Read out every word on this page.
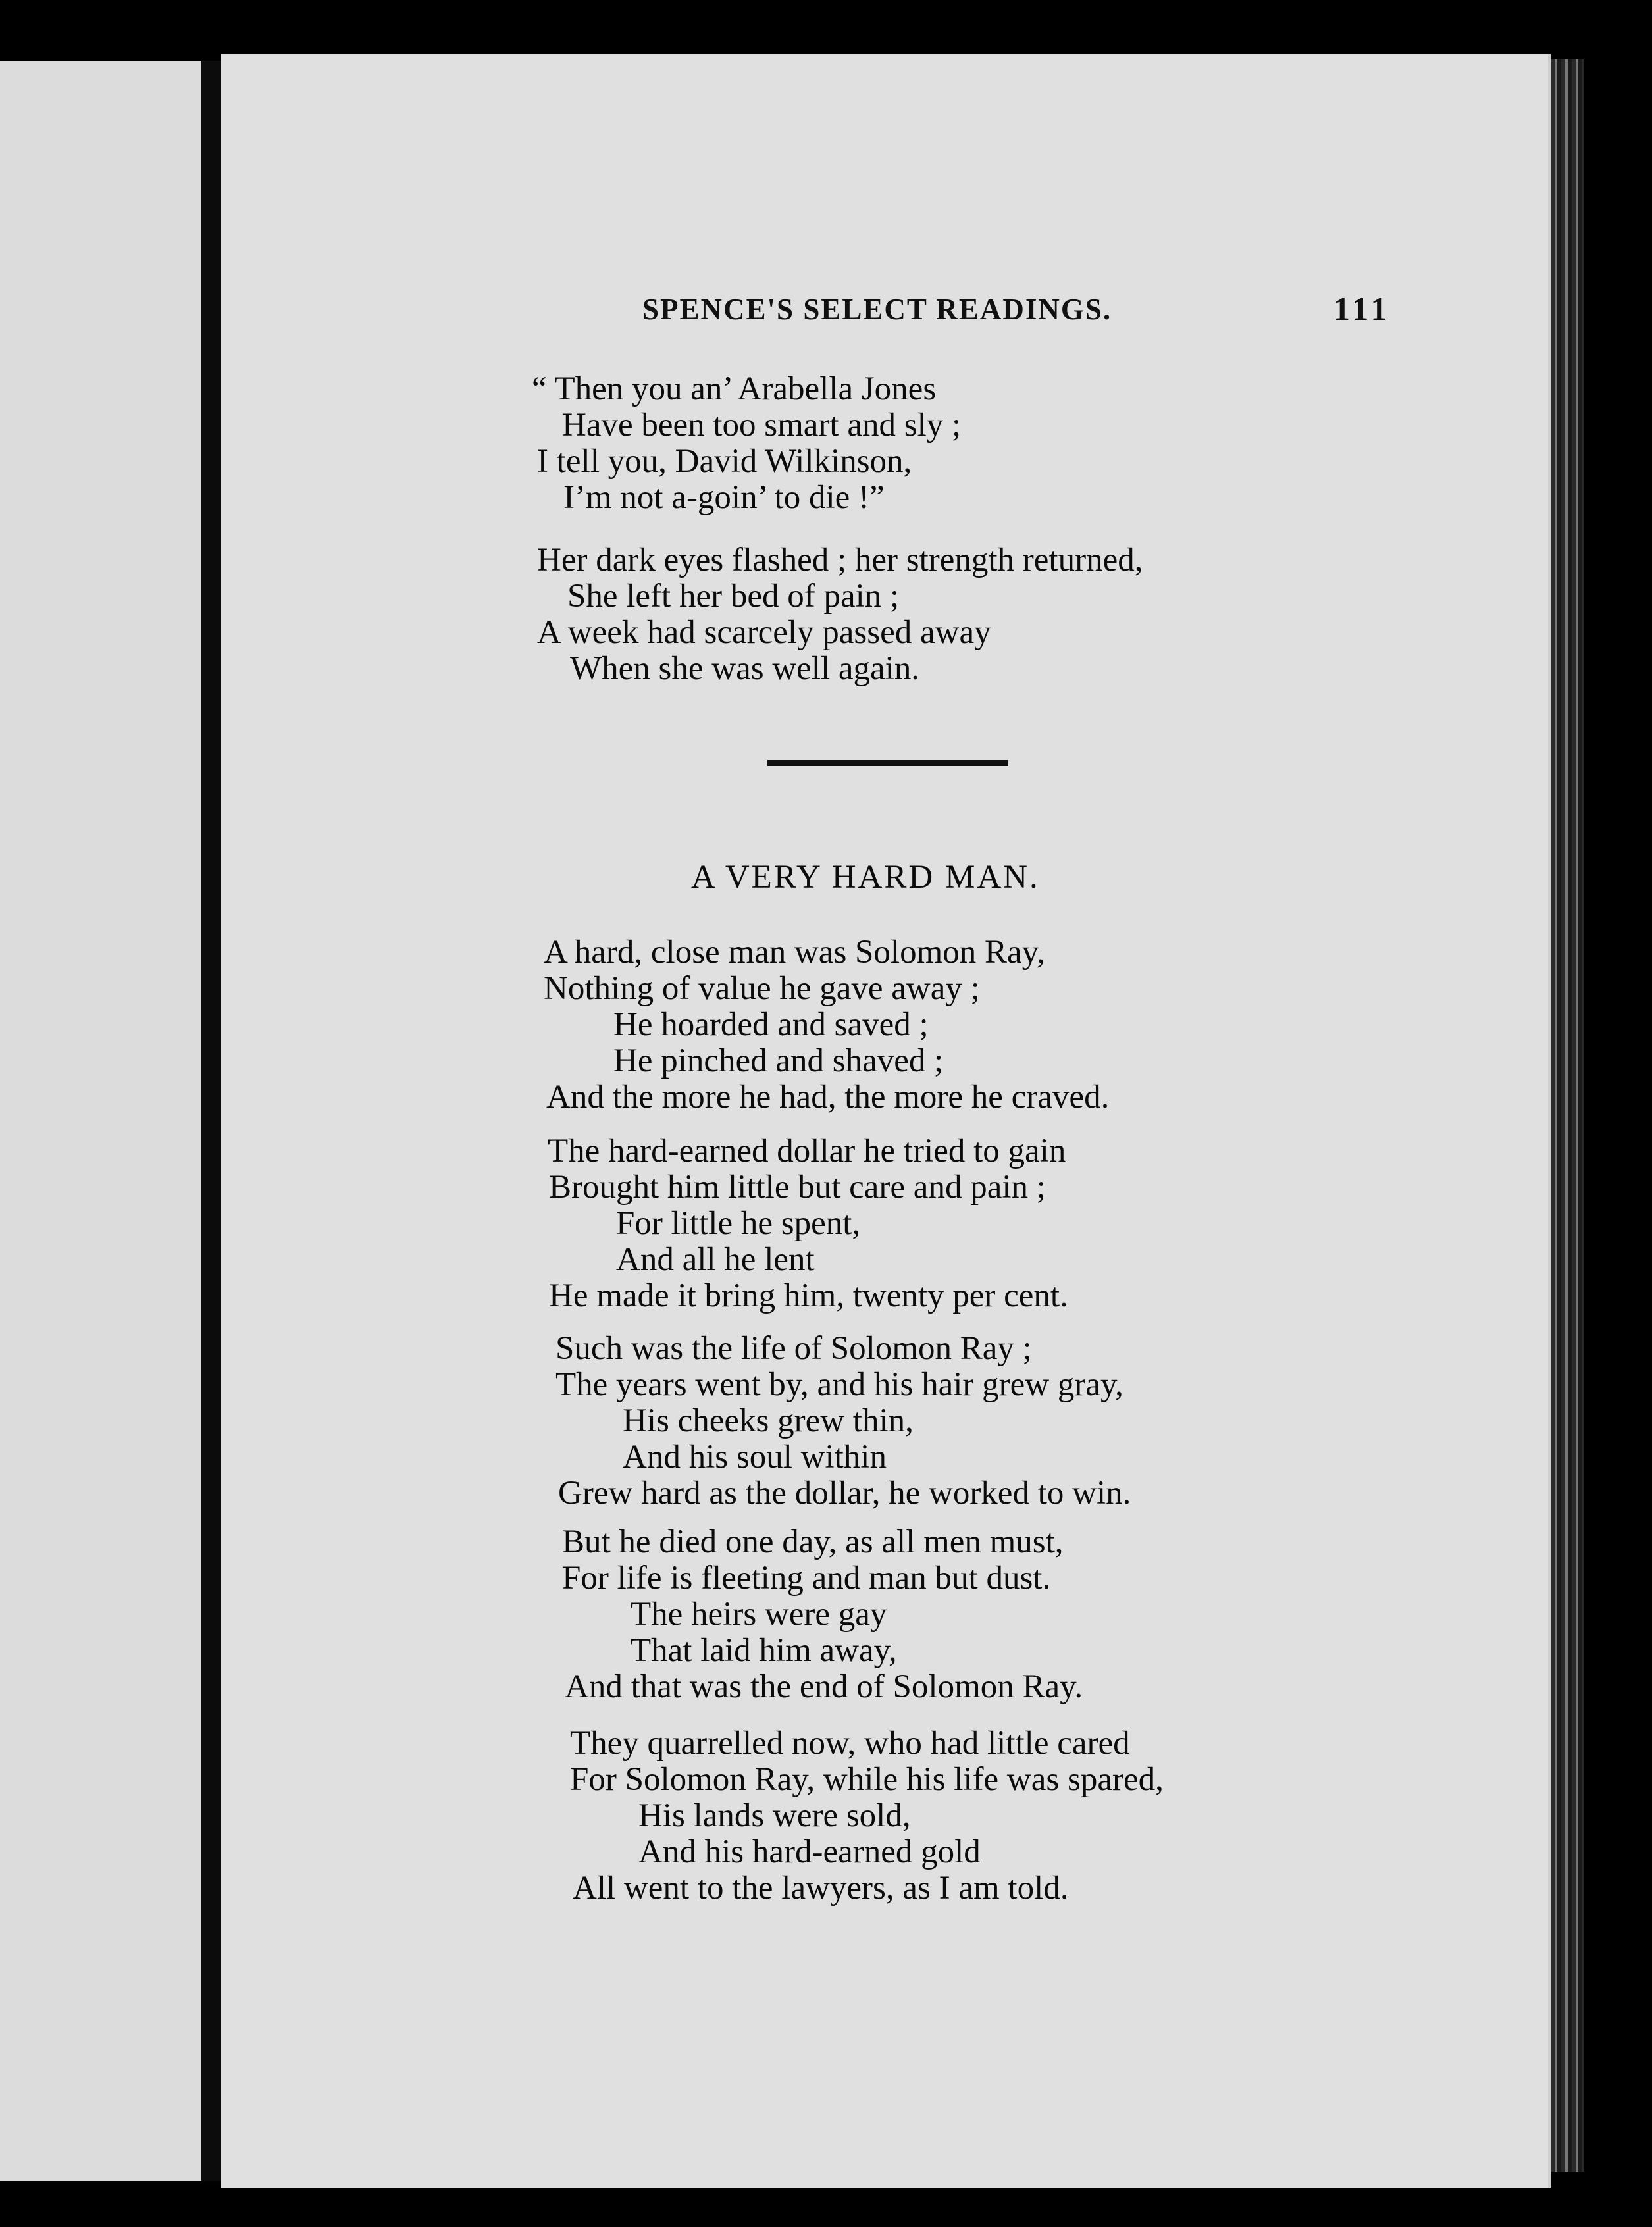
SPENCE'S SELECT READINGS.	111
“ Then you an’ Arabella Jones
Have been too smart and sly ;
I tell you, David Wilkinson,
I’m not a-goin’ to die !”
Her dark eyes flashed ; her strength returned,
She left her bed of pain ;
A week had scarcely passed away
When she was well again.
A VERY HARD MAN.
A hard, close man was Solomon Ray,
Nothing of value he gave away ;
He hoarded and saved ;
He pinched and shaved ;
And the more he had, the more he craved.
The hard-earned dollar he tried to gain
Brought him little but care and pain ;
For little he spent,
And all he lent
He made it bring him, twenty per cent.
Such was the life of Solomon Ray ;
The years went by, and his hair grew gray,
His cheeks grew thin,
And his soul within
Grew hard as the dollar, he worked to win.
But he died one day, as all men must,
For life is fleeting and man but dust.
The heirs were gay
That laid him away,
And that was the end of Solomon Ray.
They quarrelled now, who had little cared
For Solomon Ray, while his life was spared,
His lands were sold,
And his hard-earned gold
All went to the lawyers, as I am told.
